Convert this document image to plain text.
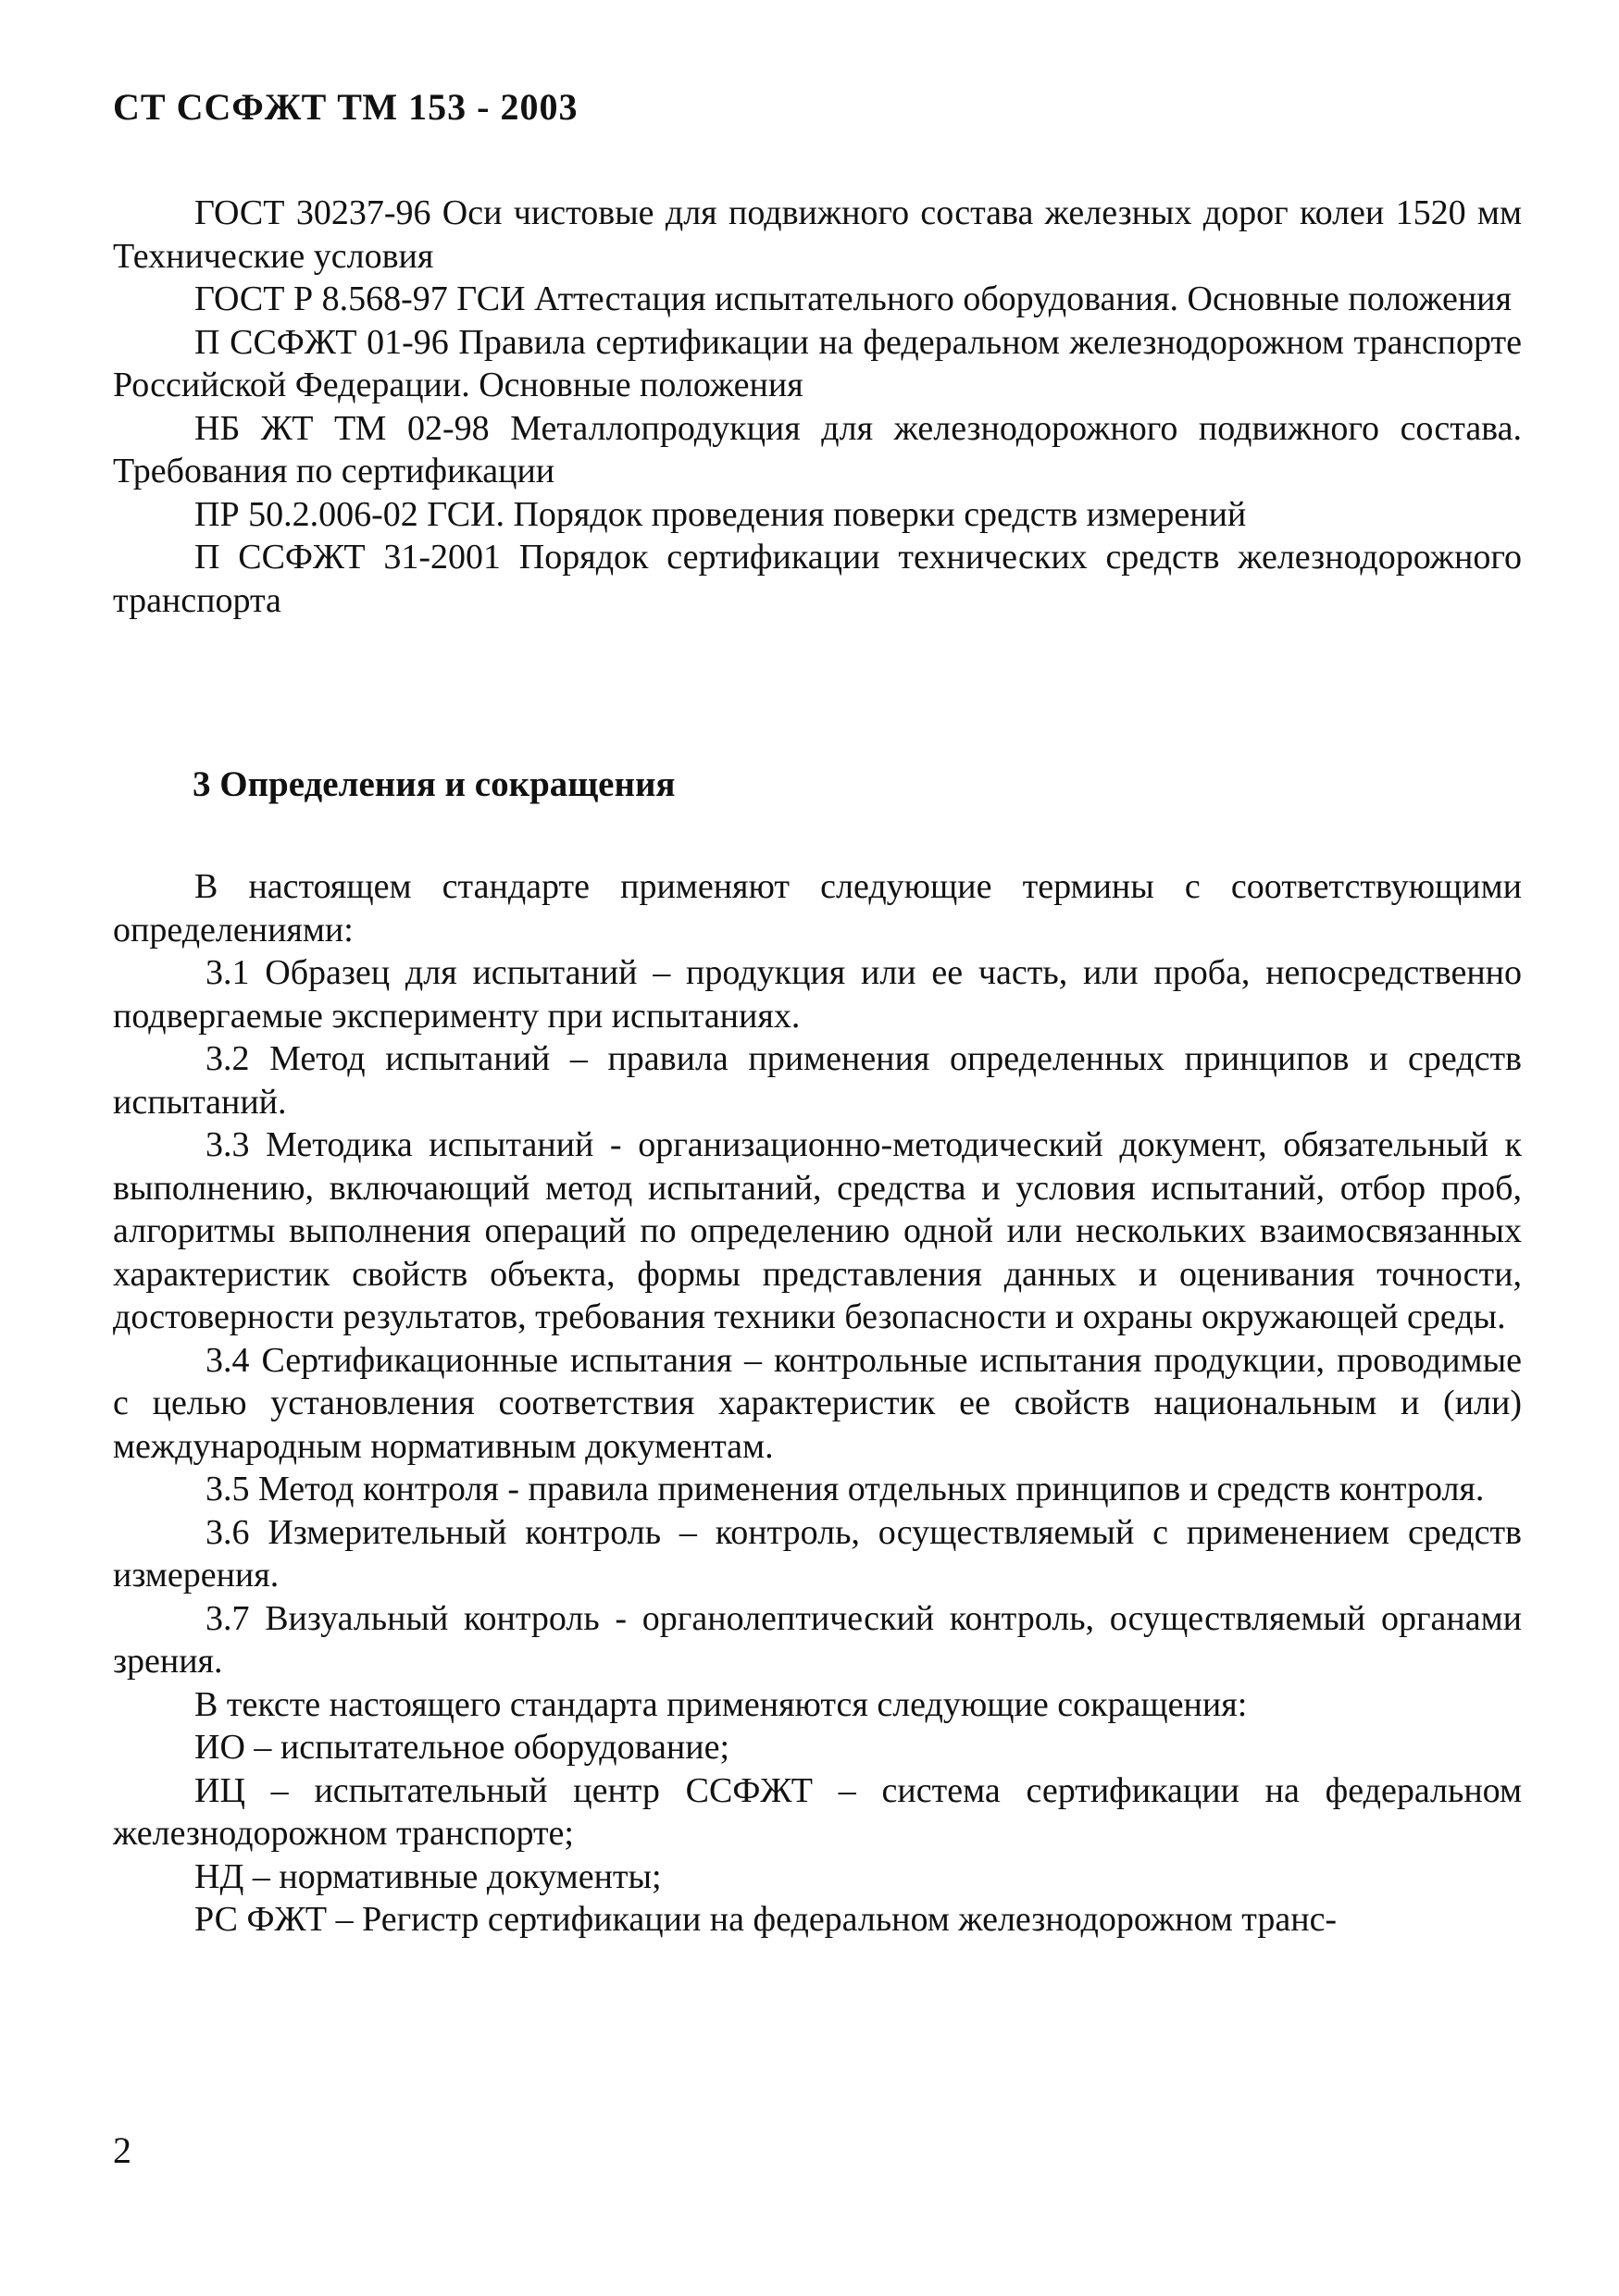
СТ ССФЖТ ТМ 153 - 2003

ГОСТ 30237-96 Оси чистовые для подвижного состава железных дорог колеи 1520 мм Технические условия

ГОСТ Р 8.568-97 ГСИ Аттестация испытательного оборудования. Основные положения

П ССФЖТ 01-96 Правила сертификации на федеральном железнодорожном транспорте Российской Федерации. Основные положения

НБ ЖТ ТМ 02-98 Металлопродукция для железнодорожного подвижного состава. Требования по сертификации

ПР 50.2.006-02 ГСИ. Порядок проведения поверки средств измерений

П ССФЖТ 31-2001 Порядок сертификации технических средств железнодорожного транспорта

3 Определения и сокращения

В настоящем стандарте применяют следующие термины с соответствующими определениями:

3.1 Образец для испытаний – продукция или ее часть, или проба, непосредственно подвергаемые эксперименту при испытаниях.

3.2 Метод испытаний – правила применения определенных принципов и средств испытаний.

3.3 Методика испытаний - организационно-методический документ, обязательный к выполнению, включающий метод испытаний, средства и условия испытаний, отбор проб, алгоритмы выполнения операций по определению одной или нескольких взаимосвязанных характеристик свойств объекта, формы представления данных и оценивания точности, достоверности результатов, требования техники безопасности и охраны окружающей среды.

3.4 Сертификационные испытания – контрольные испытания продукции, проводимые с целью установления соответствия характеристик ее свойств национальным и (или) международным нормативным документам.

3.5 Метод контроля - правила применения отдельных принципов и средств контроля.

3.6 Измерительный контроль – контроль, осуществляемый с применением средств измерения.

3.7 Визуальный контроль - органолептический контроль, осуществляемый органами зрения.

В тексте настоящего стандарта применяются следующие сокращения:

ИО – испытательное оборудование;

ИЦ – испытательный центр ССФЖТ – система сертификации на федеральном железнодорожном транспорте;

НД – нормативные документы;

РС ФЖТ – Регистр сертификации на федеральном железнодорожном транс-

2
